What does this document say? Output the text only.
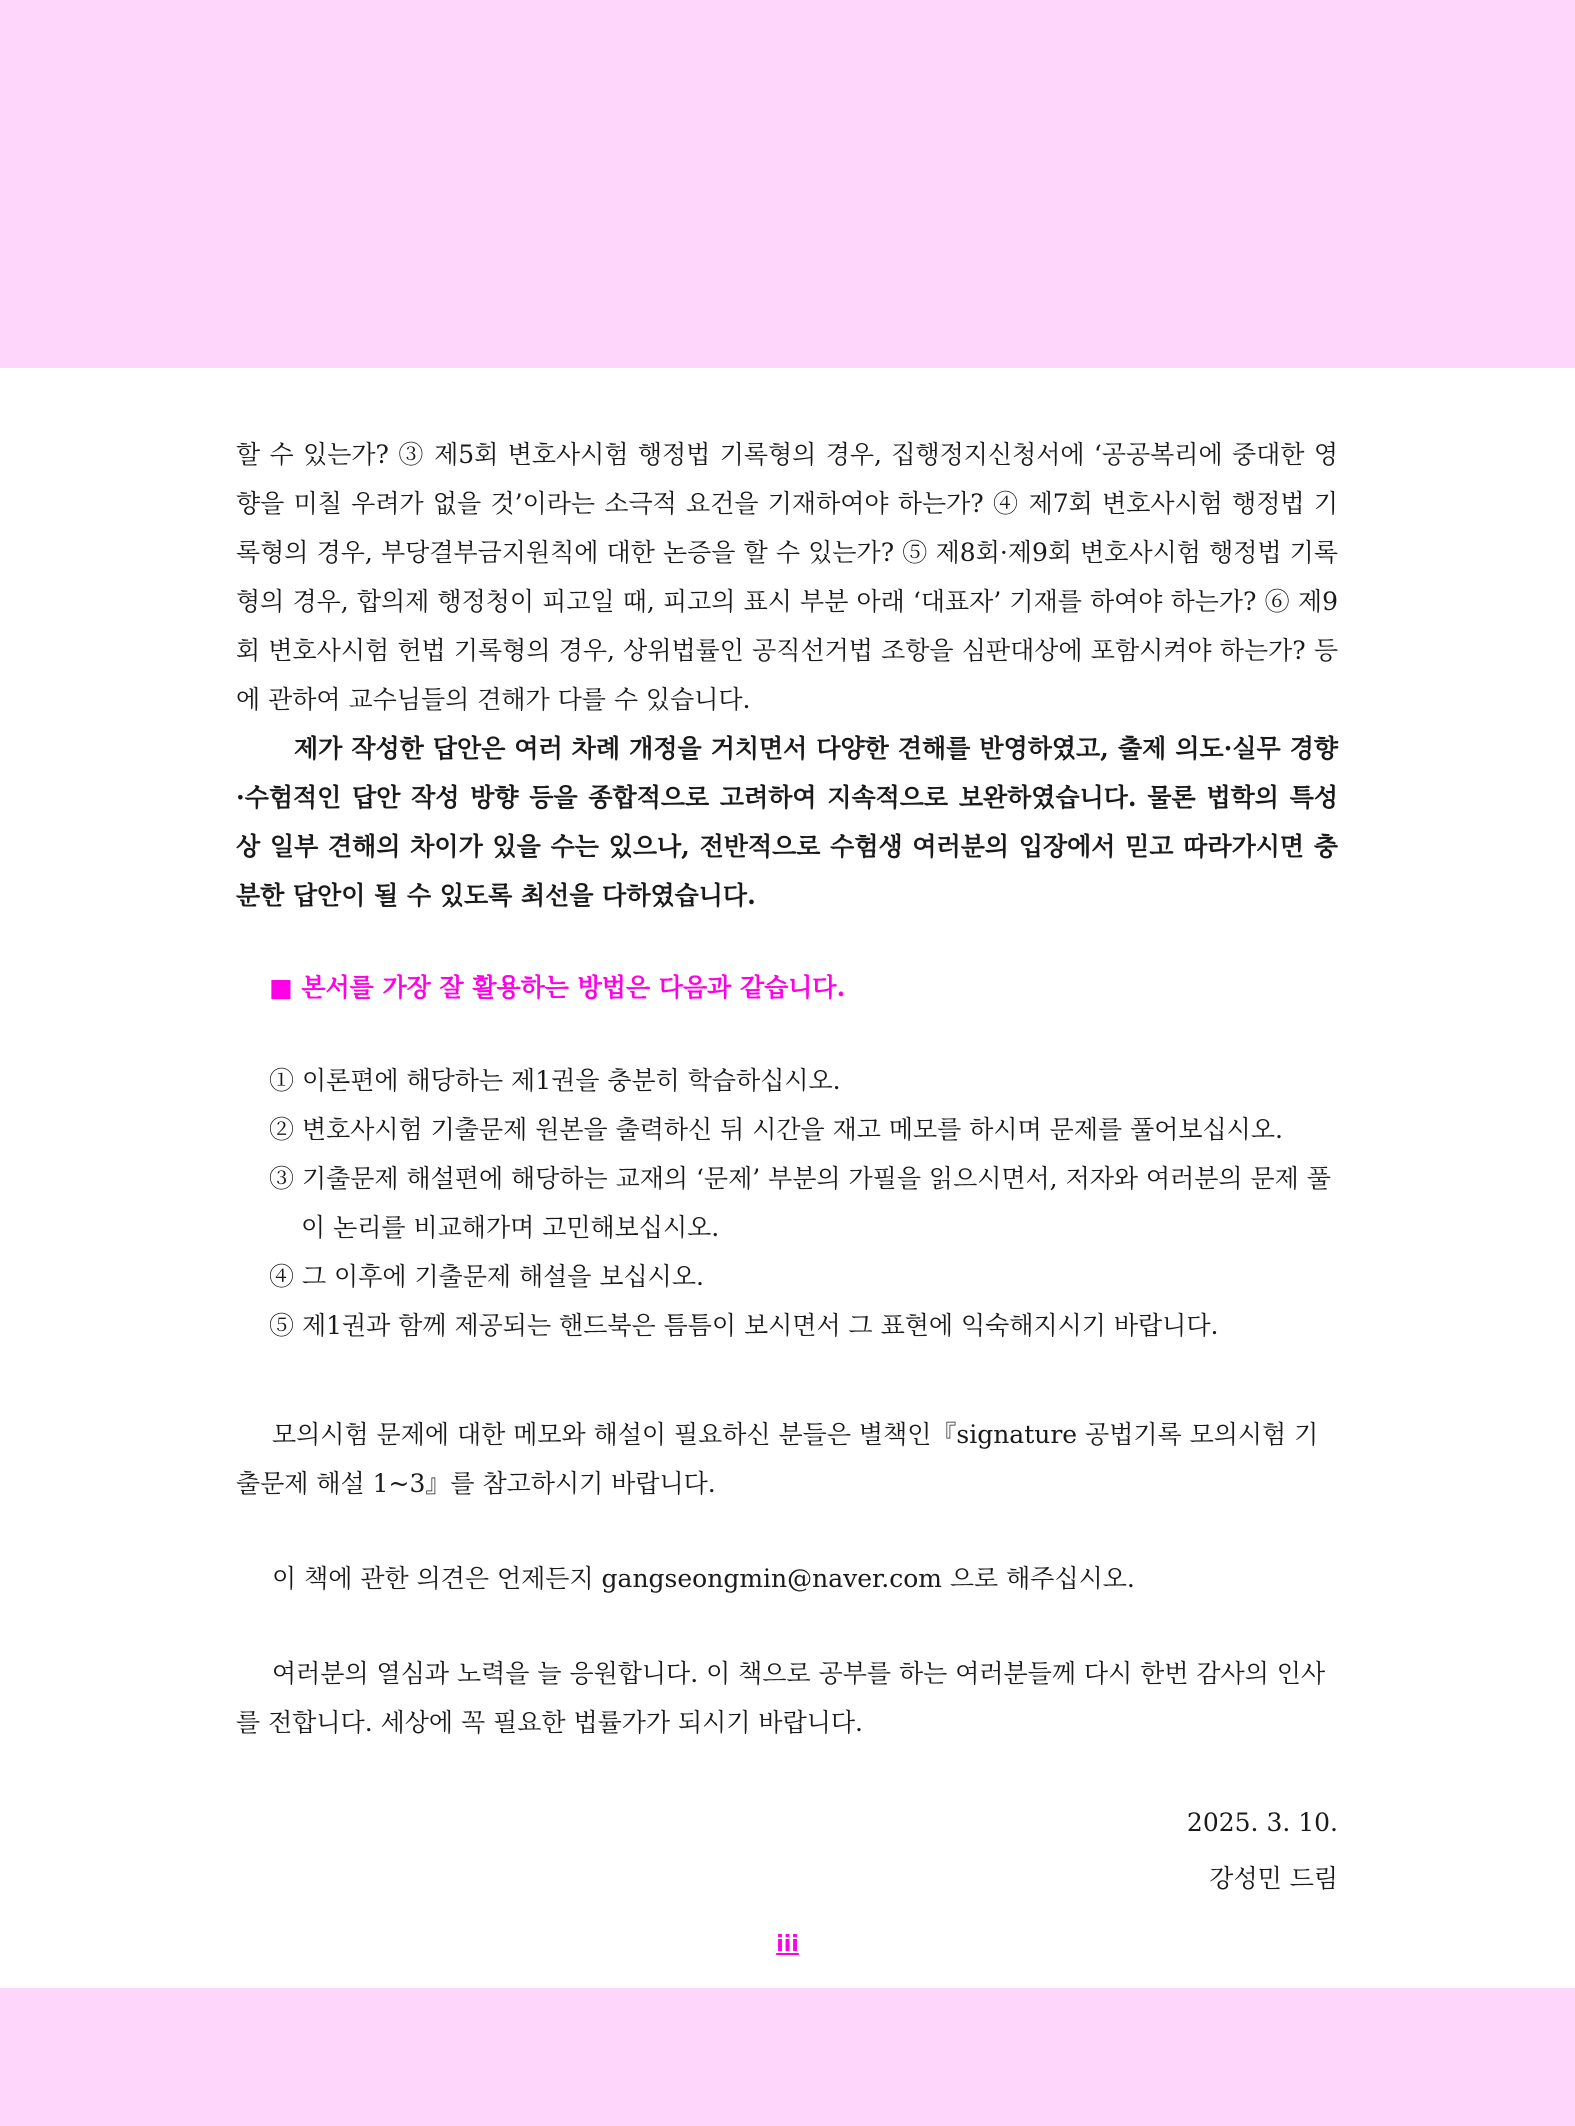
할 수 있는가? ③ 제5회 변호사시험 행정법 기록형의 경우, 집행정지신청서에 ‘공공복리에 중대한 영향을 미칠 우려가 없을 것’이라는 소극적 요건을 기재하여야 하는가? ④ 제7회 변호사시험 행정법 기록형의 경우, 부당결부금지원칙에 대한 논증을 할 수 있는가? ⑤ 제8회·제9회 변호사시험 행정법 기록형의 경우, 합의제 행정청이 피고일 때, 피고의 표시 부분 아래 ‘대표자’ 기재를 하여야 하는가? ⑥ 제9회 변호사시험 헌법 기록형의 경우, 상위법률인 공직선거법 조항을 심판대상에 포함시켜야 하는가? 등에 관하여 교수님들의 견해가 다를 수 있습니다.

제가 작성한 답안은 여러 차례 개정을 거치면서 다양한 견해를 반영하였고, 출제 의도·실무 경향·수험적인 답안 작성 방향 등을 종합적으로 고려하여 지속적으로 보완하였습니다. 물론 법학의 특성상 일부 견해의 차이가 있을 수는 있으나, 전반적으로 수험생 여러분의 입장에서 믿고 따라가시면 충분한 답안이 될 수 있도록 최선을 다하였습니다.

■ 본서를 가장 잘 활용하는 방법은 다음과 같습니다.
① 이론편에 해당하는 제1권을 충분히 학습하십시오.
② 변호사시험 기출문제 원본을 출력하신 뒤 시간을 재고 메모를 하시며 문제를 풀어보십시오.
③ 기출문제 해설편에 해당하는 교재의 ‘문제’ 부분의 가필을 읽으시면서, 저자와 여러분의 문제 풀이 논리를 비교해가며 고민해보십시오.
④ 그 이후에 기출문제 해설을 보십시오.
⑤ 제1권과 함께 제공되는 핸드북은 틈틈이 보시면서 그 표현에 익숙해지시기 바랍니다.

모의시험 문제에 대한 메모와 해설이 필요하신 분들은 별책인『signature 공법기록 모의시험 기출문제 해설 1~3』를 참고하시기 바랍니다.

이 책에 관한 의견은 언제든지 gangseongmin@naver.com 으로 해주십시오.

여러분의 열심과 노력을 늘 응원합니다. 이 책으로 공부를 하는 여러분들께 다시 한번 감사의 인사를 전합니다. 세상에 꼭 필요한 법률가가 되시기 바랍니다.

2025. 3. 10.
강성민 드림
iii
